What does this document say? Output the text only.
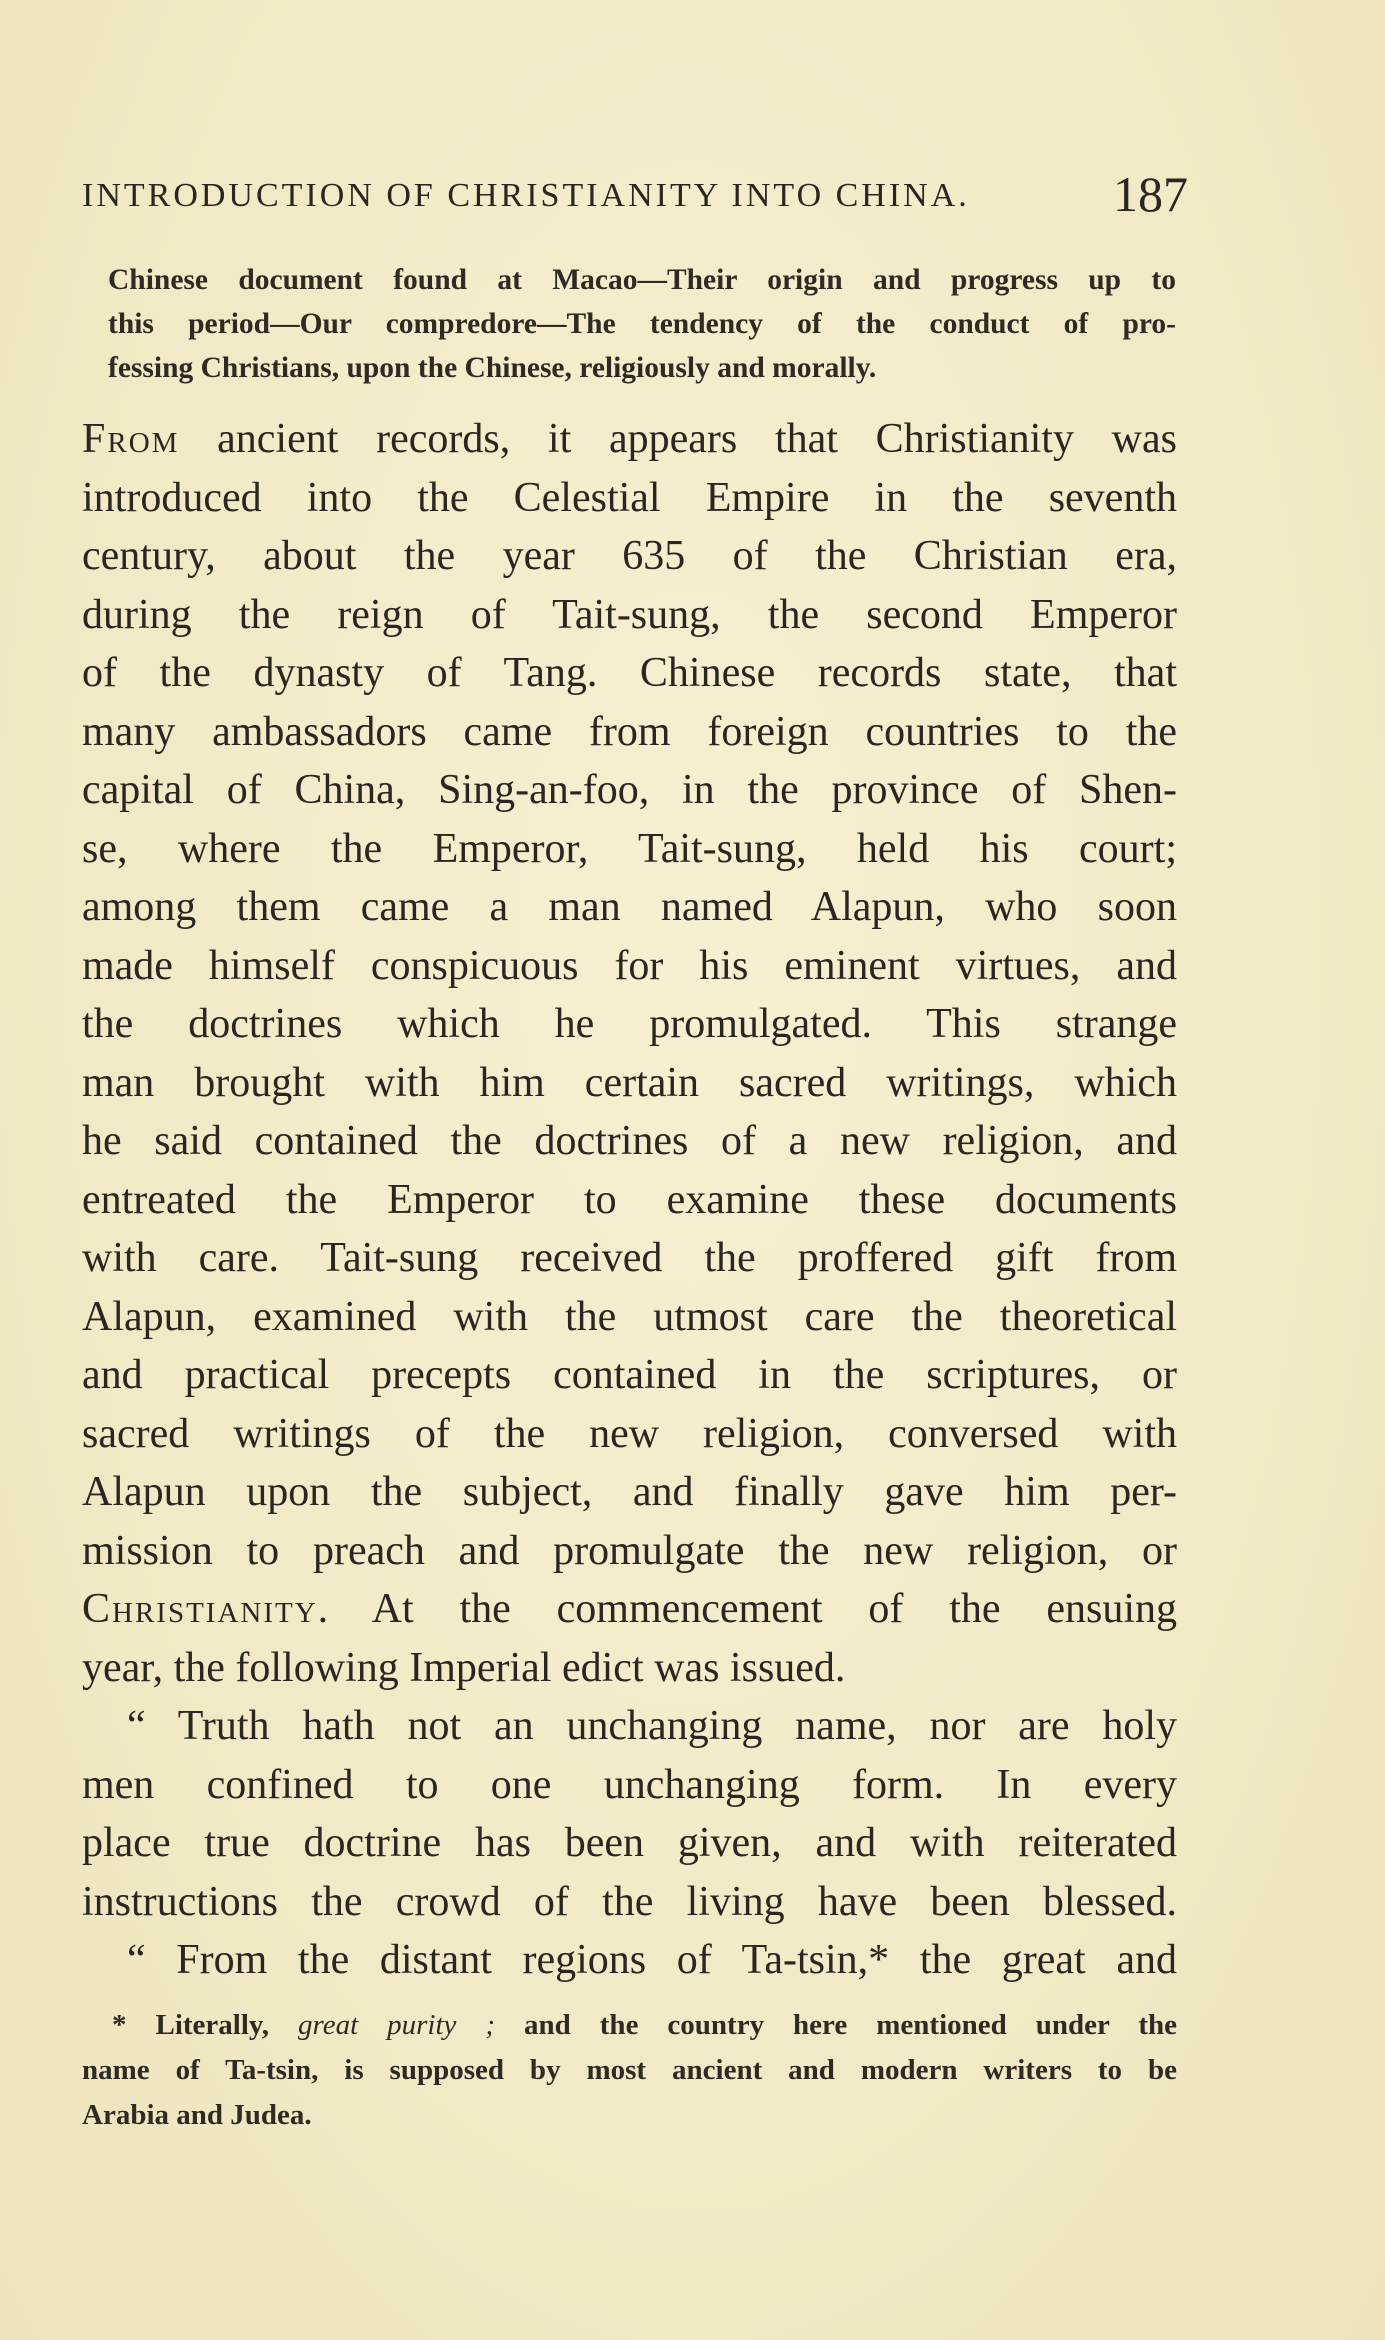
INTRODUCTION OF CHRISTIANITY INTO CHINA.	187
Chinese document found at Macao—Their origin and progress up to
this period—Our compredore—The tendency of the conduct of pro-
fessing Christians, upon the Chinese, religiously and morally.
From ancient records, it appears that Christianity was
introduced into the Celestial Empire in the seventh
century, about the year 635 of the Christian era,
during the reign of Tait-sung, the second Emperor
of the dynasty of Tang. Chinese records state, that
many ambassadors came from foreign countries to the
capital of China, Sing-an-foo, in the province of Shen-
se, where the Emperor, Tait-sung, held his court;
among them came a man named Alapun, who soon
made himself conspicuous for his eminent virtues, and
the doctrines which he promulgated. This strange
man brought with him certain sacred writings, which
he said contained the doctrines of a new religion, and
entreated the Emperor to examine these documents
with care. Tait-sung received the proffered gift from
Alapun, examined with the utmost care the theoretical
and practical precepts contained in the scriptures, or
sacred writings of the new religion, conversed with
Alapun upon the subject, and finally gave him per-
mission to preach and promulgate the new religion, or
Christianity. At the commencement of the ensuing
year, the following Imperial edict was issued.
“ Truth hath not an unchanging name, nor are holy
men confined to one unchanging form. In every
place true doctrine has been given, and with reiterated
instructions the crowd of the living have been blessed.
“ From the distant regions of Ta-tsin,* the great and
* Literally, great purity ; and the country here mentioned under the
name of Ta-tsin, is supposed by most ancient and modern writers to be
Arabia and Judea.
